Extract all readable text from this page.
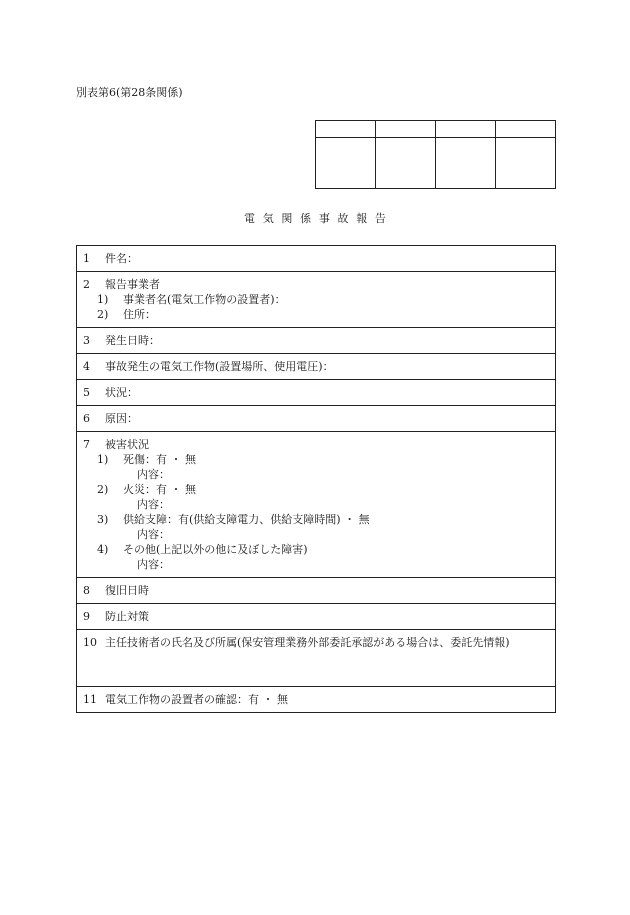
別表第6(第28条関係)

電気関係事故報告
1 件名：

2 報告事業者
1) 事業者名(電気工作物の設置者)：
2) 住所：

3 発生日時：

4 事故発生の電気工作物(設置場所、使用電圧)：

5 状況：

6 原因：

7 被害状況
1) 死傷：有 ・ 無
内容：
2) 火災：有 ・ 無
内容：
3) 供給支障：有(供給支障電力、供給支障時間) ・ 無
内容：
4) その他(上記以外の他に及ぼした障害)
内容：

8 復旧日時

9 防止対策

10 主任技術者の氏名及び所属(保安管理業務外部委託承認がある場合は、委託先情報)

11 電気工作物の設置者の確認：有 ・ 無
